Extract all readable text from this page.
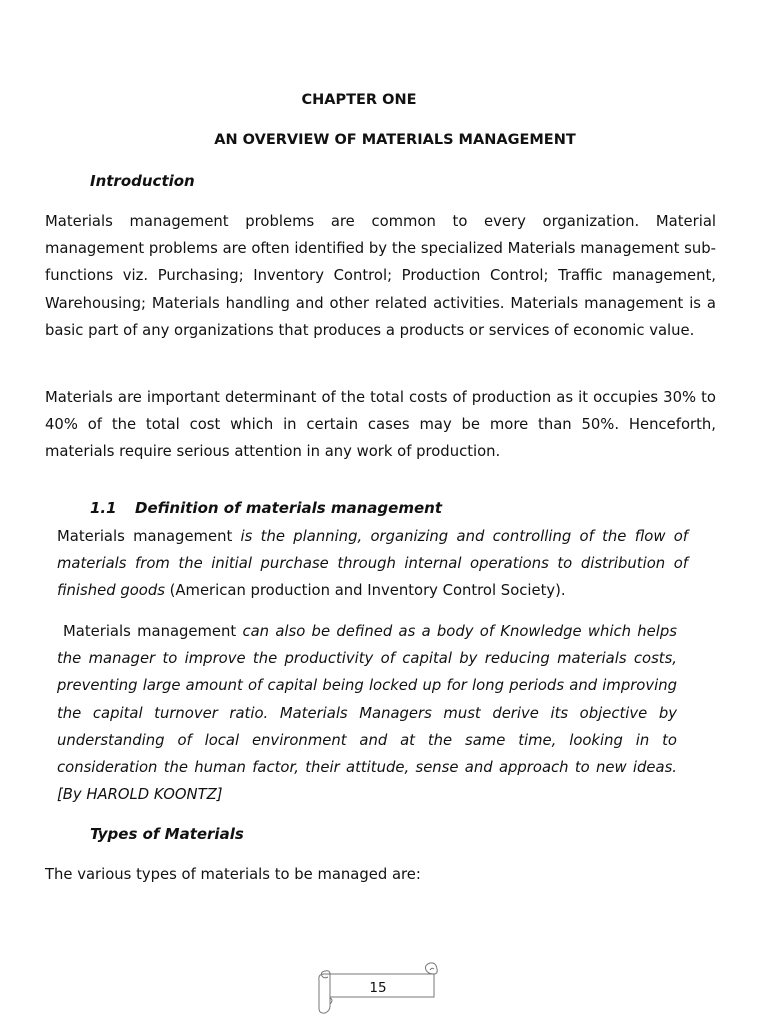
CHAPTER ONE
AN OVERVIEW OF MATERIALS MANAGEMENT
Introduction

Materials management problems are common to every organization. Material management problems are often identified by the specialized Materials management sub-functions viz. Purchasing; Inventory Control; Production Control; Traffic management, Warehousing; Materials handling and other related activities. Materials management is a basic part of any organizations that produces a products or services of economic value.

Materials are important determinant of the total costs of production as it occupies 30% to 40% of the total cost which in certain cases may be more than 50%. Henceforth, materials require serious attention in any work of production.

1.1 Definition of materials management

Materials management is the planning, organizing and controlling of the flow of materials from the initial purchase through internal operations to distribution of finished goods (American production and Inventory Control Society).

Materials management can also be defined as a body of Knowledge which helps the manager to improve the productivity of capital by reducing materials costs, preventing large amount of capital being locked up for long periods and improving the capital turnover ratio. Materials Managers must derive its objective by understanding of local environment and at the same time, looking in to consideration the human factor, their attitude, sense and approach to new ideas. [By HAROLD KOONTZ]

Types of Materials

The various types of materials to be managed are:

15
